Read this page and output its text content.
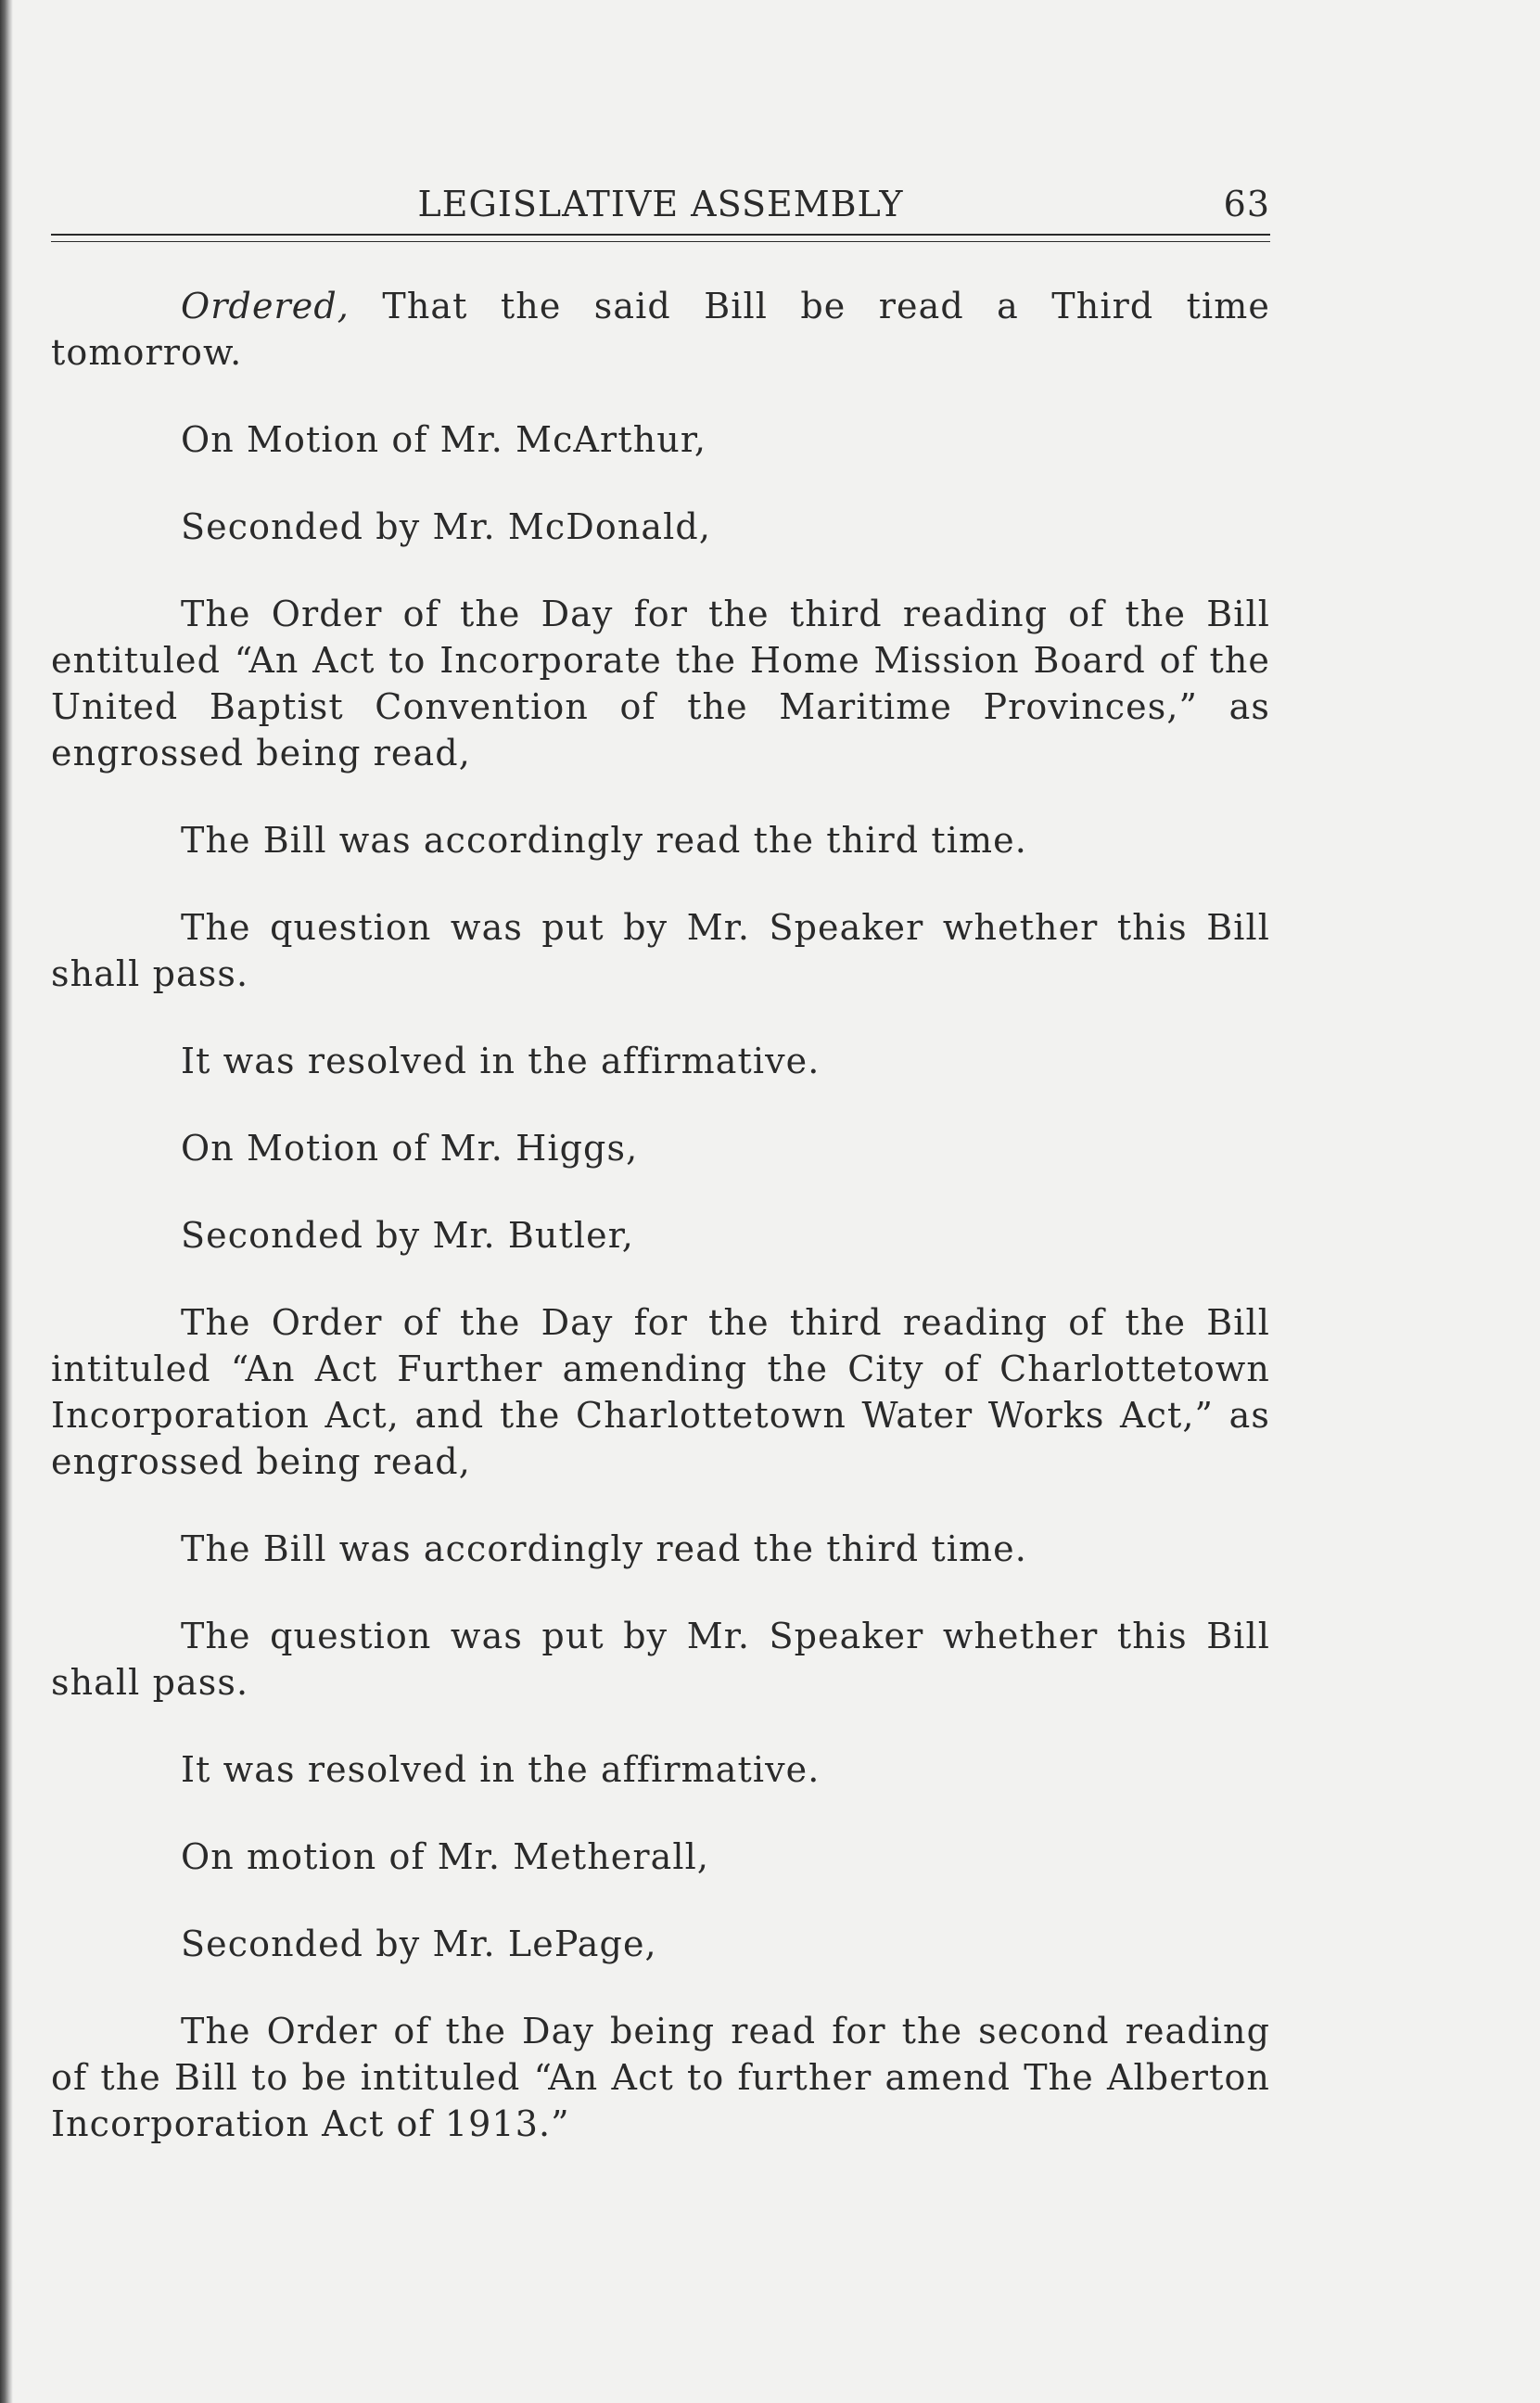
LEGISLATIVE ASSEMBLY	63

Ordered, That the said Bill be read a Third time tomorrow.

On Motion of Mr. McArthur,

Seconded by Mr. McDonald,

The Order of the Day for the third reading of the Bill entituled “An Act to Incorporate the Home Mission Board of the United Baptist Convention of the Maritime Provinces,” as engrossed being read,

The Bill was accordingly read the third time.

The question was put by Mr. Speaker whether this Bill shall pass.

It was resolved in the affirmative.

On Motion of Mr. Higgs,

Seconded by Mr. Butler,

The Order of the Day for the third reading of the Bill intituled “An Act Further amending the City of Charlottetown Incorporation Act, and the Charlottetown Water Works Act,” as engrossed being read,

The Bill was accordingly read the third time.

The question was put by Mr. Speaker whether this Bill shall pass.

It was resolved in the affirmative.

On motion of Mr. Metherall,

Seconded by Mr. LePage,

The Order of the Day being read for the second reading of the Bill to be intituled “An Act to further amend The Alberton Incorporation Act of 1913.”
